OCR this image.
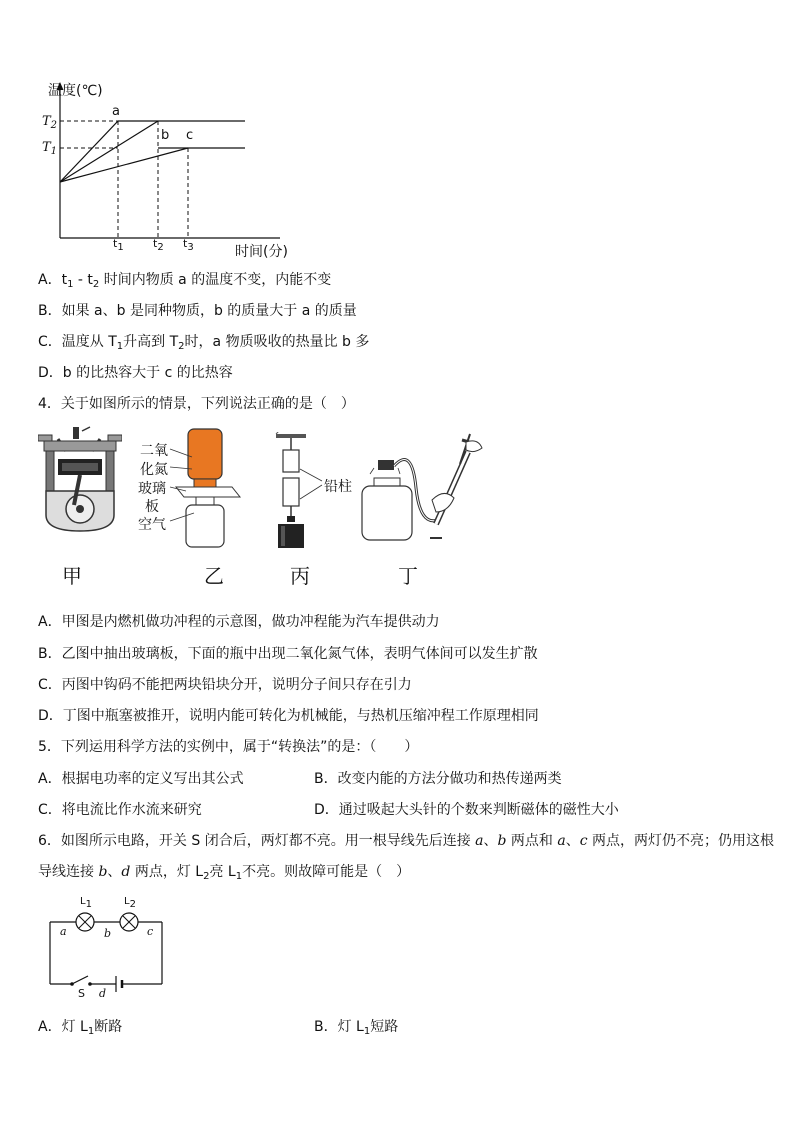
温度(℃)
$T_2$
$T_1$
a
b c
$t_1$	$t_2$ $t_3$	时间(分)
A．$t_1 - t_2$ 时间内物质 a 的温度不变，内能不变
B．如果 a、b 是同种物质，b 的质量大于 a 的质量
C．温度从 $T_1$升高到 $T_2$时，a 物质吸收的热量比 b 多
D．b 的比热容大于 c 的比热容
4．关于如图所示的情景，下列说法正确的是（　）
二氧
化氮
玻璃
板
空气
铅柱
甲	乙	丙	丁
A．甲图是内燃机做功冲程的示意图，做功冲程能为汽车提供动力
B．乙图中抽出玻璃板，下面的瓶中出现二氧化氮气体，表明气体间可以发生扩散
C．丙图中钩码不能把两块铅块分开，说明分子间只存在引力
D．丁图中瓶塞被推开，说明内能可转化为机械能，与热机压缩冲程工作原理相同
5．下列运用科学方法的实例中，属于“转换法”的是：（　　）
A．根据电功率的定义写出其公式	B．改变内能的方法分做功和热传递两类
C．将电流比作水流来研究	D．通过吸起大头针的个数来判断磁体的磁性大小
6．如图所示电路，开关 S 闭合后，两灯都不亮。用一根导线先后连接 a、b 两点和 a、c 两点，两灯仍不亮；仍用这根
导线连接 b、d 两点，灯 $L_2$亮 $L_1$不亮。则故障可能是（　）
$L_1$	$L_2$
a	b	c
S d
A．灯 $L_1$断路	B．灯 $L_1$短路
